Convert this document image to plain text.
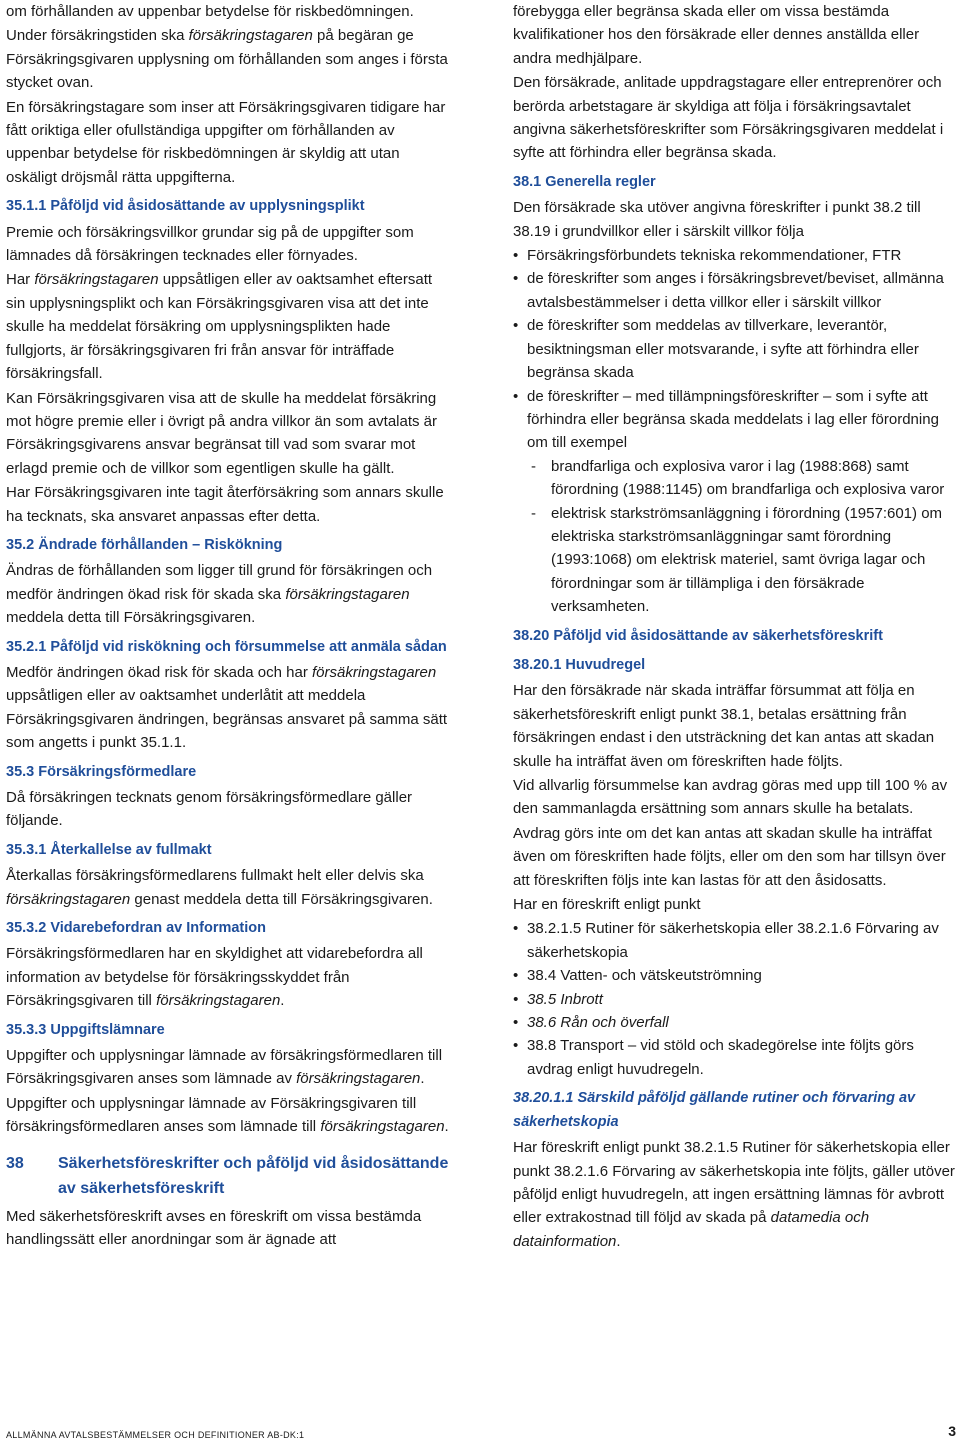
om förhållanden av uppenbar betydelse för riskbedömningen.

Under försäkringstiden ska försäkringstagaren på begäran ge Försäkringsgivaren upplysning om förhållanden som anges i första stycket ovan.

En försäkringstagare som inser att Försäkringsgivaren tidigare har fått oriktiga eller ofullständiga uppgifter om förhållanden av uppenbar betydelse för riskbedömningen är skyldig att utan oskäligt dröjsmål rätta uppgifterna.

35.1.1 Påföljd vid åsidosättande av upplysningsplikt

Premie och försäkringsvillkor grundar sig på de uppgifter som lämnades då försäkringen tecknades eller förnyades.

Har försäkringstagaren uppsåtligen eller av oaktsamhet eftersatt sin upplysningsplikt och kan Försäkringsgivaren visa att det inte skulle ha meddelat försäkring om upplysningsplikten hade fullgjorts, är försäkringsgivaren fri från ansvar för inträffade försäkringsfall.

Kan Försäkringsgivaren visa att de skulle ha meddelat försäkring mot högre premie eller i övrigt på andra villkor än som avtalats är Försäkringsgivarens ansvar begränsat till vad som svarar mot erlagd premie och de villkor som egentligen skulle ha gällt.

Har Försäkringsgivaren inte tagit återförsäkring som annars skulle ha tecknats, ska ansvaret anpassas efter detta.

35.2 Ändrade förhållanden – Riskökning

Ändras de förhållanden som ligger till grund för försäkringen och medför ändringen ökad risk för skada ska försäkringstagaren meddela detta till Försäkringsgivaren.

35.2.1 Påföljd vid riskökning och försummelse att anmäla sådan

Medför ändringen ökad risk för skada och har försäkringstagaren uppsåtligen eller av oaktsamhet underlåtit att meddela Försäkringsgivaren ändringen, begränsas ansvaret på samma sätt som angetts i punkt 35.1.1.

35.3 Försäkringsförmedlare

Då försäkringen tecknats genom försäkringsförmedlare gäller följande.

35.3.1 Återkallelse av fullmakt

Återkallas försäkringsförmedlarens fullmakt helt eller delvis ska försäkringstagaren genast meddela detta till Försäkringsgivaren.

35.3.2 Vidarebefordran av Information

Försäkringsförmedlaren har en skyldighet att vidarebefordra all information av betydelse för försäkringsskyddet från Försäkringsgivaren till försäkringstagaren.

35.3.3 Uppgiftslämnare

Uppgifter och upplysningar lämnade av försäkringsförmedlaren till Försäkringsgivaren anses som lämnade av försäkringstagaren.

Uppgifter och upplysningar lämnade av Försäkringsgivaren till försäkringsförmedlaren anses som lämnade till försäkringstagaren.

38	Säkerhetsföreskrifter och påföljd vid åsidosättande av säkerhetsföreskrift

Med säkerhetsföreskrift avses en föreskrift om vissa bestämda handlingssätt eller anordningar som är ägnade att

förebygga eller begränsa skada eller om vissa bestämda kvalifikationer hos den försäkrade eller dennes anställda eller andra medhjälpare.

Den försäkrade, anlitade uppdragstagare eller entreprenörer och berörda arbetstagare är skyldiga att följa i försäkringsavtalet angivna säkerhetsföreskrifter som Försäkringsgivaren meddelat i syfte att förhindra eller begränsa skada.

38.1 Generella regler

Den försäkrade ska utöver angivna föreskrifter i punkt 38.2 till 38.19 i grundvillkor eller i särskilt villkor följa

• Försäkringsförbundets tekniska rekommendationer, FTR
• de föreskrifter som anges i försäkringsbrevet/beviset, allmänna avtalsbestämmelser i detta villkor eller i särskilt villkor
• de föreskrifter som meddelas av tillverkare, leverantör, besiktningsman eller motsvarande, i syfte att förhindra eller begränsa skada
• de föreskrifter – med tillämpningsföreskrifter – som i syfte att förhindra eller begränsa skada meddelats i lag eller förordning om till exempel
- brandfarliga och explosiva varor i lag (1988:868) samt förordning (1988:1145) om brandfarliga och explosiva varor
- elektrisk starkströmsanläggning i förordning (1957:601) om elektriska starkströmsanläggningar samt förordning (1993:1068) om elektrisk materiel, samt övriga lagar och förordningar som är tillämpliga i den försäkrade verksamheten.

38.20 Påföljd vid åsidosättande av säkerhetsföreskrift

38.20.1 Huvudregel

Har den försäkrade när skada inträffar försummat att följa en säkerhetsföreskrift enligt punkt 38.1, betalas ersättning från försäkringen endast i den utsträckning det kan antas att skadan skulle ha inträffat även om föreskriften hade följts.

Vid allvarlig försummelse kan avdrag göras med upp till 100 % av den sammanlagda ersättning som annars skulle ha betalats.

Avdrag görs inte om det kan antas att skadan skulle ha inträffat även om föreskriften hade följts, eller om den som har tillsyn över att föreskriften följs inte kan lastas för att den åsidosatts.

Har en föreskrift enligt punkt

• 38.2.1.5 Rutiner för säkerhetskopia eller 38.2.1.6 Förvaring av säkerhetskopia
• 38.4 Vatten- och vätskeutströmning
• 38.5 Inbrott
• 38.6 Rån och överfall
• 38.8 Transport – vid stöld och skadegörelse inte följts görs avdrag enligt huvudregeln.

38.20.1.1 Särskild påföljd gällande rutiner och förvaring av säkerhetskopia

Har föreskrift enligt punkt 38.2.1.5 Rutiner för säkerhetskopia eller punkt 38.2.1.6 Förvaring av säkerhetskopia inte följts, gäller utöver påföljd enligt huvudregeln, att ingen ersättning lämnas för avbrott eller extrakostnad till följd av skada på datamedia och datainformation.

ALLMÄNNA AVTALSBESTÄMMELSER OCH DEFINITIONER AB-DK:1	3
